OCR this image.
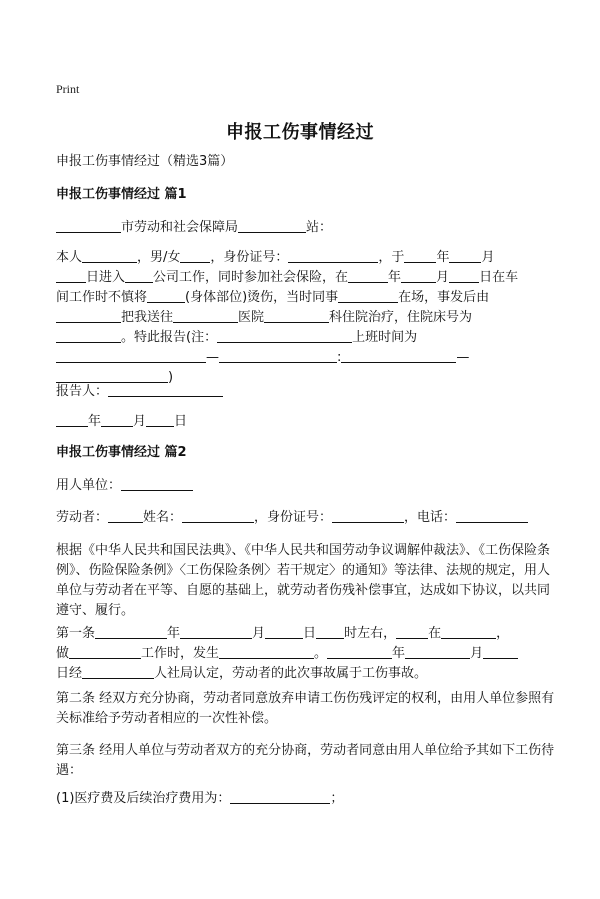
Print
申报工伤事情经过
申报工伤事情经过（精选3篇）
申报工伤事情经过 篇1
市劳动和社会保障局	站：
本人	，男/女 ，身份证号：	，于 年 月
日进入 公司工作，同时参加社会保险，在	年	月 日在车
间工作时不慎将	(身体部位)烫伤，当时同事	在场，事发后由
把我送往	医院	科住院治疗，住院床号为
。特此报告(注：	上班时间为
—	:	—
)
报告人：
年 月 日
申报工伤事情经过 篇2
用人单位：
劳动者：	姓名：	，身份证号：	，电话：
根据《中华人民共和国民法典》、《中华人民共和国劳动争议调解仲裁法》、《工伤保险条例》、伤险保险条例》〈工伤保险条例〉若干规定〉的通知》等法律、法规的规定，用人单位与劳动者在平等、自愿的基础上，就劳动者伤残补偿事宜，达成如下协议，以共同遵守、履行。
第一条	年	月	日 时左右， 在	，
做	工作时，发生	。	年	月
日经	人社局认定，劳动者的此次事故属于工伤事故。
第二条 经双方充分协商，劳动者同意放弃申请工伤伤残评定的权利，由用人单位参照有关标准给予劳动者相应的一次性补偿。
第三条 经用人单位与劳动者双方的充分协商，劳动者同意由用人单位给予其如下工伤待遇：
(1)医疗费及后续治疗费用为：	；
